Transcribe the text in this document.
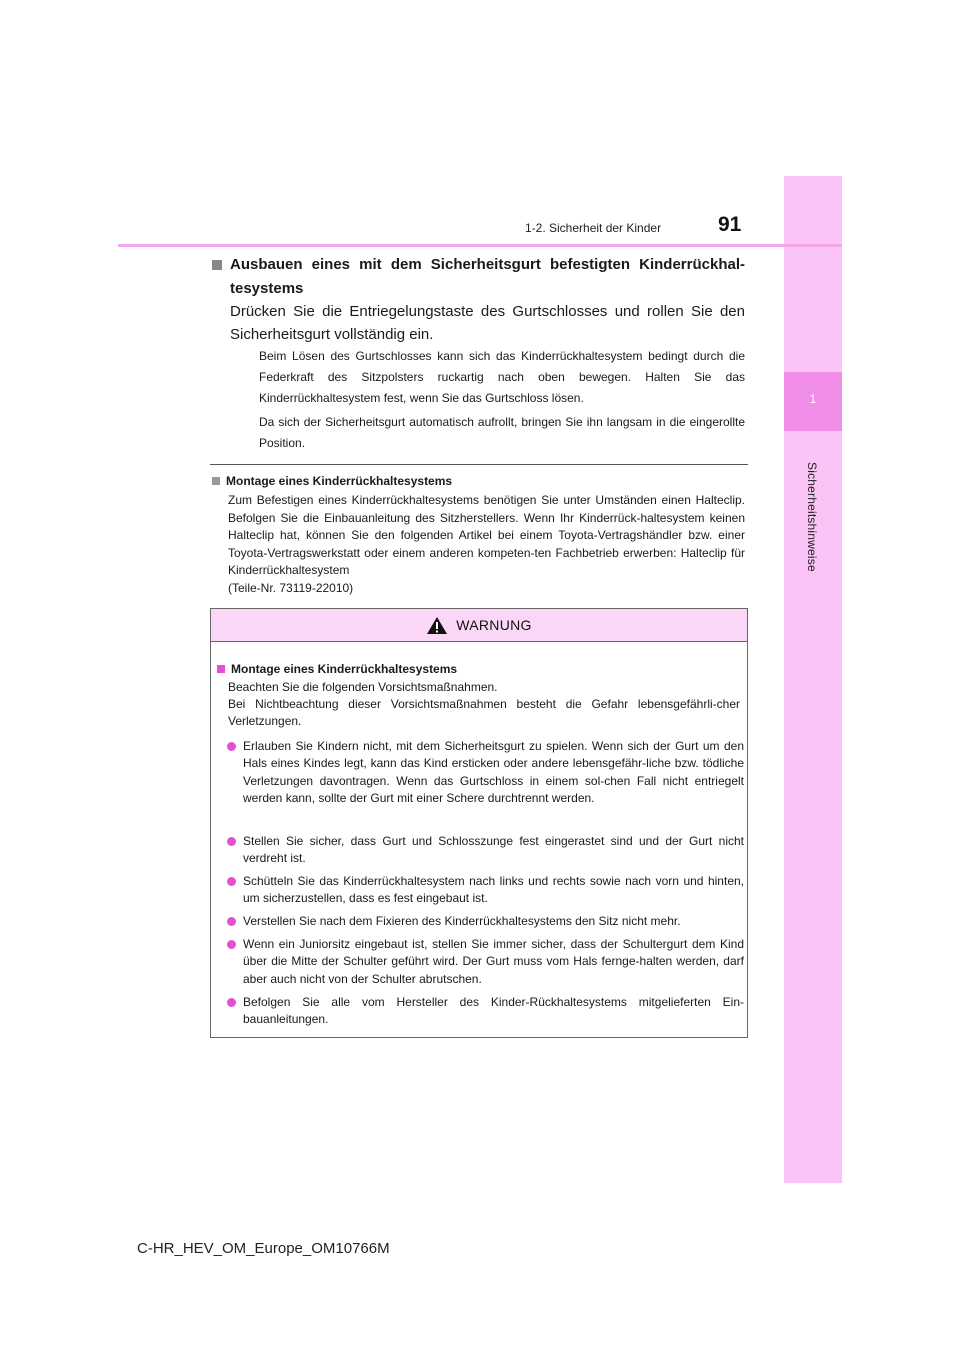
1
Sicherheitshinweise
1-2. Sicherheit der Kinder	91
Ausbauen eines mit dem Sicherheitsgurt befestigten Kinderrückhal-tesystems

Drücken Sie die Entriegelungstaste des Gurtschlosses und rollen Sie den Sicherheitsgurt vollständig ein.

Beim Lösen des Gurtschlosses kann sich das Kinderrückhaltesystem bedingt durch die Federkraft des Sitzpolsters ruckartig nach oben bewegen. Halten Sie das Kinderrückhaltesystem fest, wenn Sie das Gurtschloss lösen.

Da sich der Sicherheitsgurt automatisch aufrollt, bringen Sie ihn langsam in die eingerollte Position.

Montage eines Kinderrückhaltesystems

Zum Befestigen eines Kinderrückhaltesystems benötigen Sie unter Umständen einen Halteclip. Befolgen Sie die Einbauanleitung des Sitzherstellers. Wenn Ihr Kinderrück-haltesystem keinen Halteclip hat, können Sie den folgenden Artikel bei einem Toyota-Vertragshändler bzw. einer Toyota-Vertragswerkstatt oder einem anderen kompeten-ten Fachbetrieb erwerben: Halteclip für Kinderrückhaltesystem
(Teile-Nr. 73119-22010)

WARNUNG
Montage eines Kinderrückhaltesystems

Beachten Sie die folgenden Vorsichtsmaßnahmen.
Bei Nichtbeachtung dieser Vorsichtsmaßnahmen besteht die Gefahr lebensgefährli-cher Verletzungen.

Erlauben Sie Kindern nicht, mit dem Sicherheitsgurt zu spielen. Wenn sich der Gurt um den Hals eines Kindes legt, kann das Kind ersticken oder andere lebensgefähr-liche bzw. tödliche Verletzungen davontragen. Wenn das Gurtschloss in einem sol-chen Fall nicht entriegelt werden kann, sollte der Gurt mit einer Schere durchtrennt werden.
Stellen Sie sicher, dass Gurt und Schlosszunge fest eingerastet sind und der Gurt nicht verdreht ist.
Schütteln Sie das Kinderrückhaltesystem nach links und rechts sowie nach vorn und hinten, um sicherzustellen, dass es fest eingebaut ist.
Verstellen Sie nach dem Fixieren des Kinderrückhaltesystems den Sitz nicht mehr.
Wenn ein Juniorsitz eingebaut ist, stellen Sie immer sicher, dass der Schultergurt dem Kind über die Mitte der Schulter geführt wird. Der Gurt muss vom Hals fernge-halten werden, darf aber auch nicht von der Schulter abrutschen.
Befolgen Sie alle vom Hersteller des Kinder-Rückhaltesystems mitgelieferten Ein-bauanleitungen.
C-HR_HEV_OM_Europe_OM10766M
